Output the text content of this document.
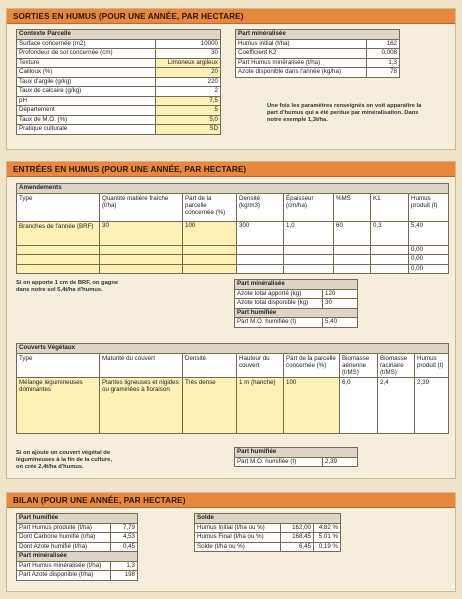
SORTIES EN HUMUS (POUR UNE ANNÉE, PAR HECTARE)
Contexte Parcelle	
Surface concernée (m2)	10000
Profondeur de sol concernée (cm)	30
Texture	Limoneux argileux
Cailloux (%)	20
Taux d'argile (g/kg)	220
Taux de calcaire (g/kg)	2
pH	7,5
Département	5
Taux de M.O. (%)	5,0
Pratique culturale	SD
Part minéralisée	
Humus initial (t/ha)	162
Coefficient K2	0,008
Part Humus minéralisée (t/ha)	1,3
Azote disponible dans l'année (kg/ha)	78
Une fois les paramètres renseignés on voit apparaître la
part d'humus qui a été perdue par minéralisation. Dans
notre exemple 1,3t/ha.
ENTRÉES EN HUMUS (POUR UNE ANNÉE, PAR HECTARE)
Amendements							
Type	Quantité matière fraîche (t/ha)	Part de la parcelle concernée (%)	Densité (kg/m3)	Épaisseur (cm/ha)	%MS	K1	Humus produit (t)
Branches de l'année (BRF)	30	100	300	1,0	60	0,3	5,40
							0,00
							0,00
							0,00
Si on apporte 1 cm de BRF, on gagne
dans notre sol 5,4t/ha d'humus.
Part minéralisée	
Azote total apporté (kg)	120
Azote total disponible (kg)	30
Part humifiée	
Part M.O. humifiée (t)	5,40
Couverts Végétaux							
Type	Maturité du couvert	Densité	Hauteur du couvert	Part de la parcelle concernée (%)	Biomasse aérienne (t/MS)	Biomasse racinaire (t/MS)	Humus produit (t)
Mélange légumineuses dominantes	Plantes ligneuses et nigides ou graminées à floraison	Très dense	1 m (hanche)	100	6,0	2,4	2,39
Si on ajoute un couvert végétal de
légumineuses à la fin de la culture,
on crée 2,4t/ha d'humus.
Part humifiée
Part M.O. humifiée (t)	2,39
BILAN (POUR UNE ANNÉE, PAR HECTARE)
Part humifiée	
Part Humus produite (t/ha)	7,79
Dont Carbone humifié (t/ha)	4,53
Dont Azote humifié (t/ha)	0,45
Part minéralisée	
Part Humus minéralisée (t/ha)	1,3
Part Azote disponible (t/ha)	198
Solde		
Humus Initial (t/ha ou %)	162,00	4,82 %
Humus Final (t/ha ou %)	168,45	5,01 %
Solde (t/ha ou %)	6,45	0,19 %
